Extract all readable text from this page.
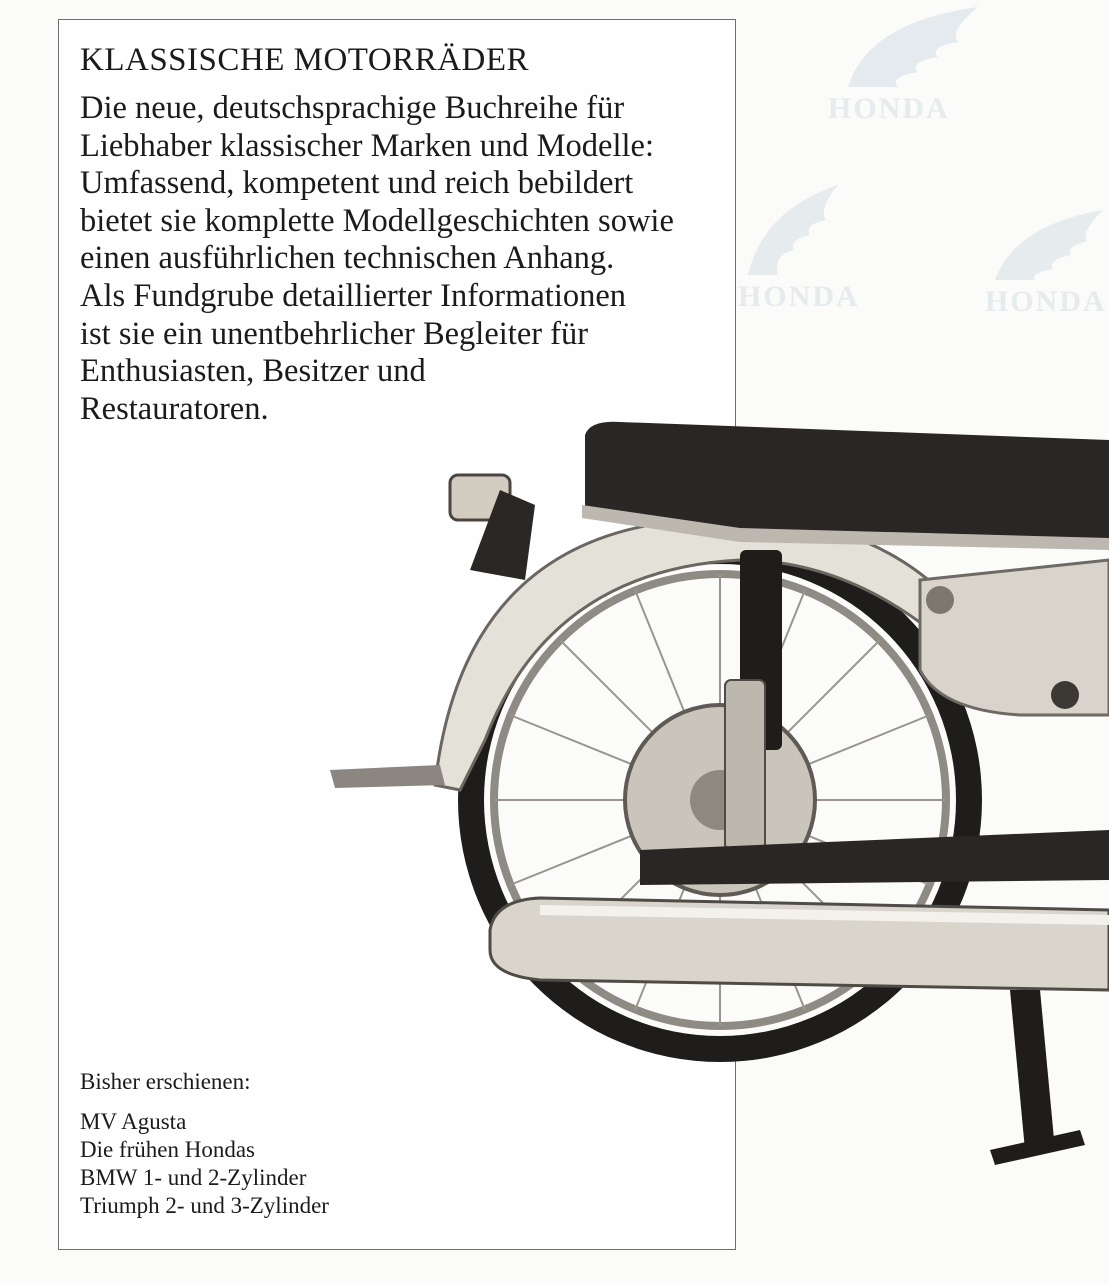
HONDA
HONDA	HONDA
KLASSISCHE MOTORRÄDER

Die neue, deutschsprachige Buchreihe für
Liebhaber klassischer Marken und Modelle:
Umfassend, kompetent und reich bebildert
bietet sie komplette Modellgeschichten sowie
einen ausführlichen technischen Anhang.
Als Fundgrube detaillierter Informationen
ist sie ein unentbehrlicher Begleiter für
Enthusiasten, Besitzer und
Restauratoren.

Bisher erschienen:
MV Agusta
Die frühen Hondas
BMW 1- und 2-Zylinder
Triumph 2- und 3-Zylinder
